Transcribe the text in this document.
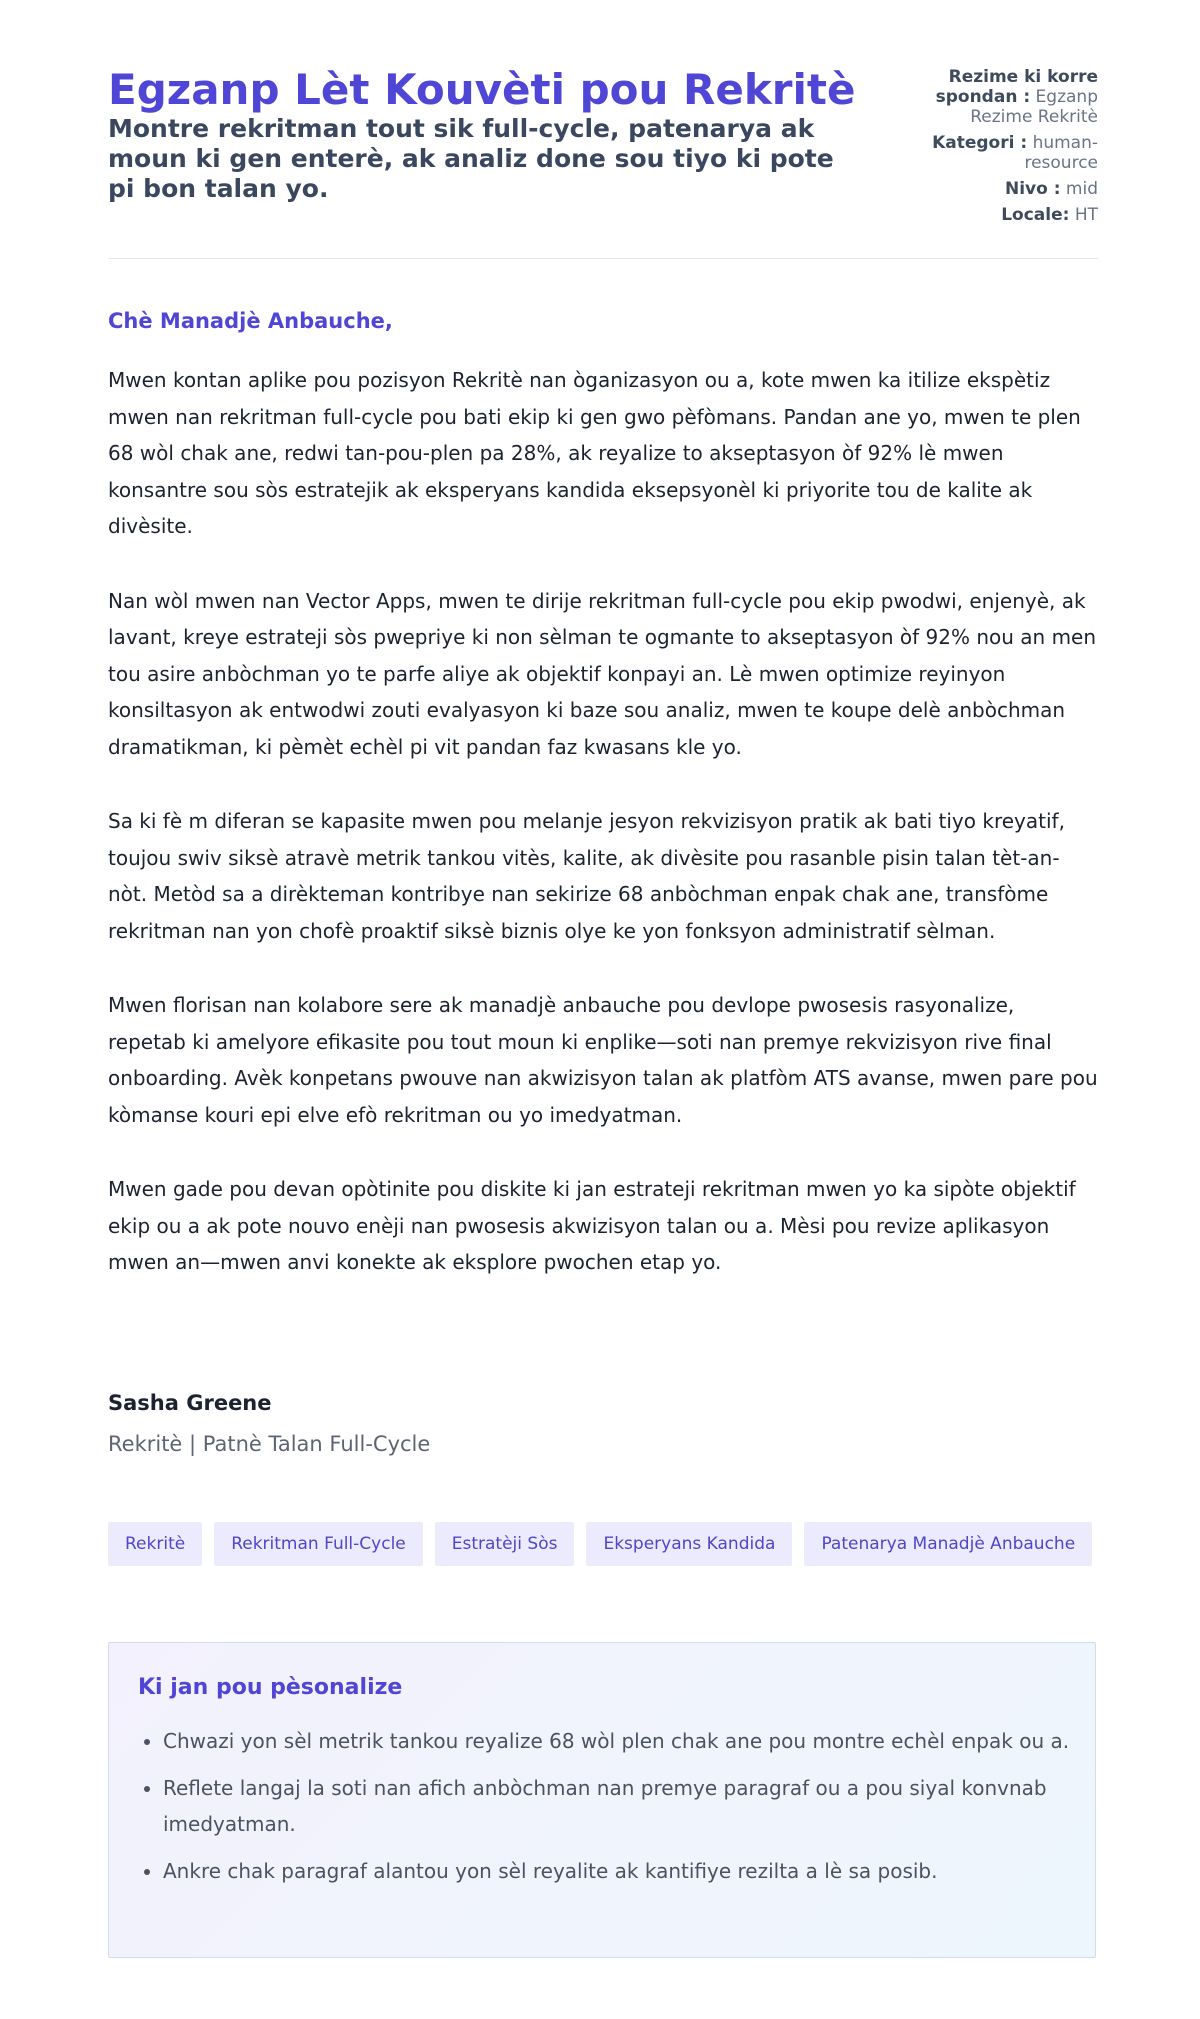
Egzanp Lèt Kouvèti pou Rekritè

Montre rekritman tout sik full-cycle, patenarya ak moun ki gen enterè, ak analiz done sou tiyo ki pote pi bon talan yo.

Rezime ki korre spondan : Egzanp Rezime Rekritè
Kategori : human-resource
Nivo : mid
Locale: HT

Chè Manadjè Anbauche,

Mwen kontan aplike pou pozisyon Rekritè nan òganizasyon ou a, kote mwen ka itilize ekspètiz mwen nan rekritman full-cycle pou bati ekip ki gen gwo pèfòmans. Pandan ane yo, mwen te plen 68 wòl chak ane, redwi tan-pou-plen pa 28%, ak reyalize to akseptasyon òf 92% lè mwen konsantre sou sòs estratejik ak eksperyans kandida eksepsyonèl ki priyorite tou de kalite ak divèsite.

Nan wòl mwen nan Vector Apps, mwen te dirije rekritman full-cycle pou ekip pwodwi, enjenyè, ak lavant, kreye estrateji sòs pwepriye ki non sèlman te ogmante to akseptasyon òf 92% nou an men tou asire anbòchman yo te parfe aliye ak objektif konpayi an. Lè mwen optimize reyinyon konsiltasyon ak entwodwi zouti evalyasyon ki baze sou analiz, mwen te koupe delè anbòchman dramatikman, ki pèmèt echèl pi vit pandan faz kwasans kle yo.

Sa ki fè m diferan se kapasite mwen pou melanje jesyon rekvizisyon pratik ak bati tiyo kreyatif, toujou swiv siksè atravè metrik tankou vitès, kalite, ak divèsite pou rasanble pisin talan tèt-an-nòt. Metòd sa a dirèkteman kontribye nan sekirize 68 anbòchman enpak chak ane, transfòme rekritman nan yon chofè proaktif siksè biznis olye ke yon fonksyon administratif sèlman.

Mwen florisan nan kolabore sere ak manadjè anbauche pou devlope pwosesis rasyonalize, repetab ki amelyore efikasite pou tout moun ki enplike—soti nan premye rekvizisyon rive final onboarding. Avèk konpetans pwouve nan akwizisyon talan ak platfòm ATS avanse, mwen pare pou kòmanse kouri epi elve efò rekritman ou yo imedyatman.

Mwen gade pou devan opòtinite pou diskite ki jan estrateji rekritman mwen yo ka sipòte objektif ekip ou a ak pote nouvo enèji nan pwosesis akwizisyon talan ou a. Mèsi pou revize aplikasyon mwen an—mwen anvi konekte ak eksplore pwochen etap yo.

Sasha Greene

Rekritè | Patnè Talan Full-Cycle

Rekritè	Rekritman Full-Cycle	Estratèji Sòs	Eksperyans Kandida	Patenarya Manadjè Anbauche
Ki jan pou pèsonalize
• Chwazi yon sèl metrik tankou reyalize 68 wòl plen chak ane pou montre echèl enpak ou a.
• Reflete langaj la soti nan afich anbòchman nan premye paragraf ou a pou siyal konvnab imedyatman.
• Ankre chak paragraf alantou yon sèl reyalite ak kantifiye rezilta a lè sa posib.
